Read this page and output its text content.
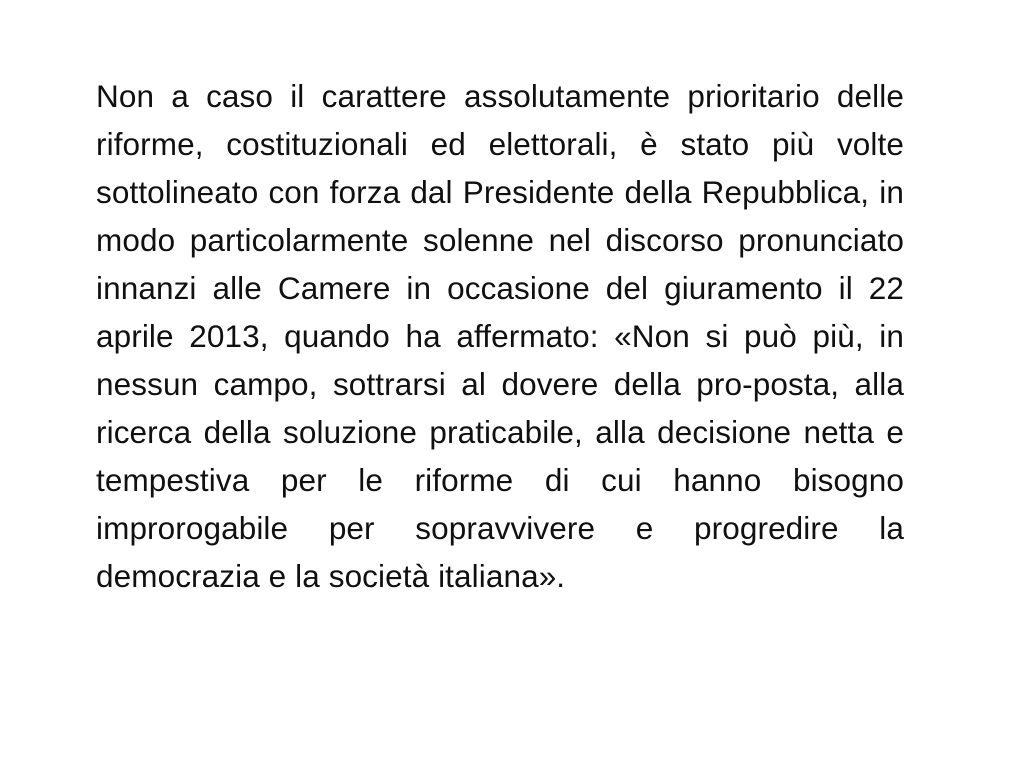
Non a caso il carattere assolutamente prioritario delle riforme, costituzionali ed elettorali, è stato più volte sottolineato con forza dal Presidente della Repubblica, in modo particolarmente solenne nel discorso pronunciato innanzi alle Camere in occasione del giuramento il 22 aprile 2013, quando ha affermato: «Non si può più, in nessun campo, sottrarsi al dovere della pro-posta, alla ricerca della soluzione praticabile, alla decisione netta e tempestiva per le riforme di cui hanno bisogno improrogabile per sopravvivere e progredire la democrazia e la società italiana».
